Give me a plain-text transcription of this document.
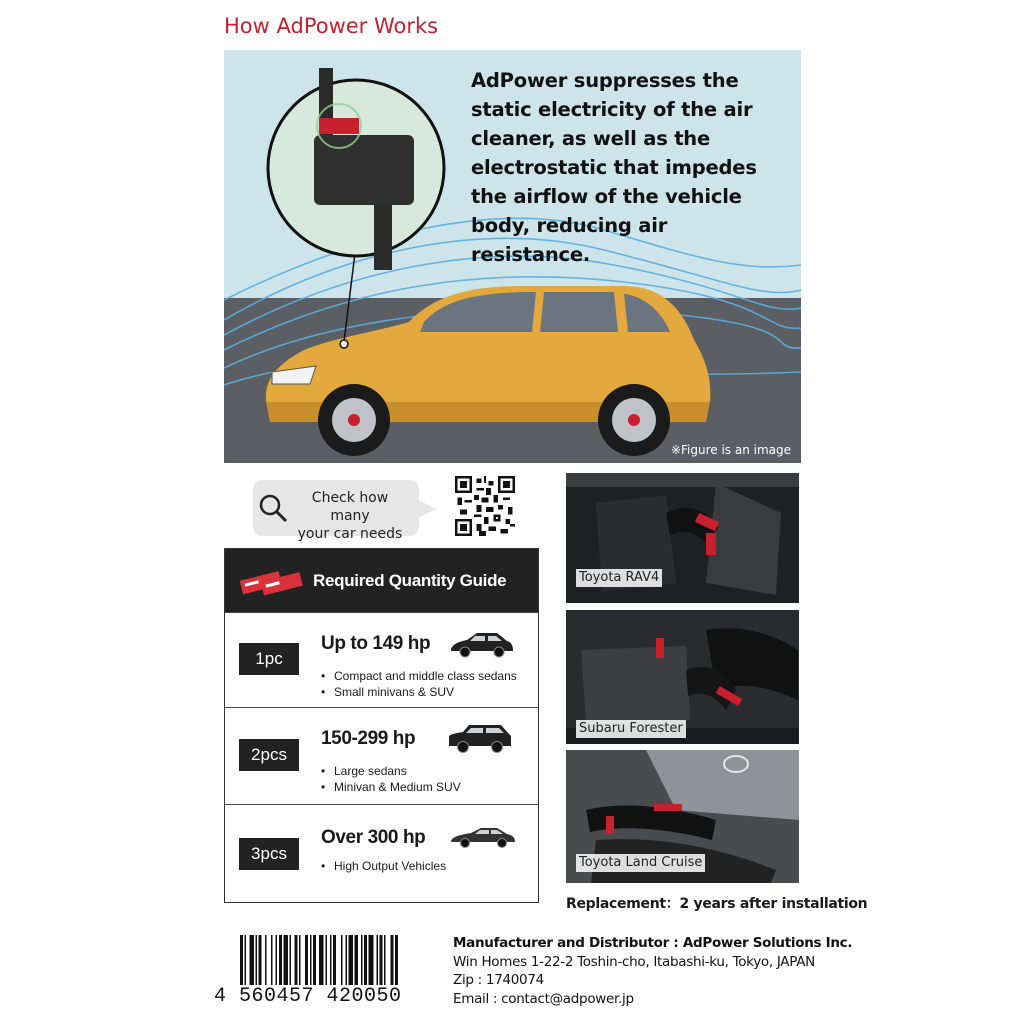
How AdPower Works
AdPower suppresses the static electricity of the air cleaner, as well as the electrostatic that impedes the airflow of the vehicle body, reducing air resistance.
※Figure is an image
Check how many
your car needs
Required Quantity Guide
1pc
Up to 149 hp
• Compact and middle class sedans
• Small minivans & SUV
2pcs
150-299 hp
• Large sedans
• Minivan & Medium SUV
3pcs
Over 300 hp
• High Output Vehicles
Toyota RAV4
Subaru Forester
Toyota Land Cruise
Replacement：2 years after installation
4 560457 420050
Manufacturer and Distributor : AdPower Solutions Inc.
Win Homes 1-22-2 Toshin-cho, Itabashi-ku, Tokyo, JAPAN
Zip : 1740074
Email : contact@adpower.jp
